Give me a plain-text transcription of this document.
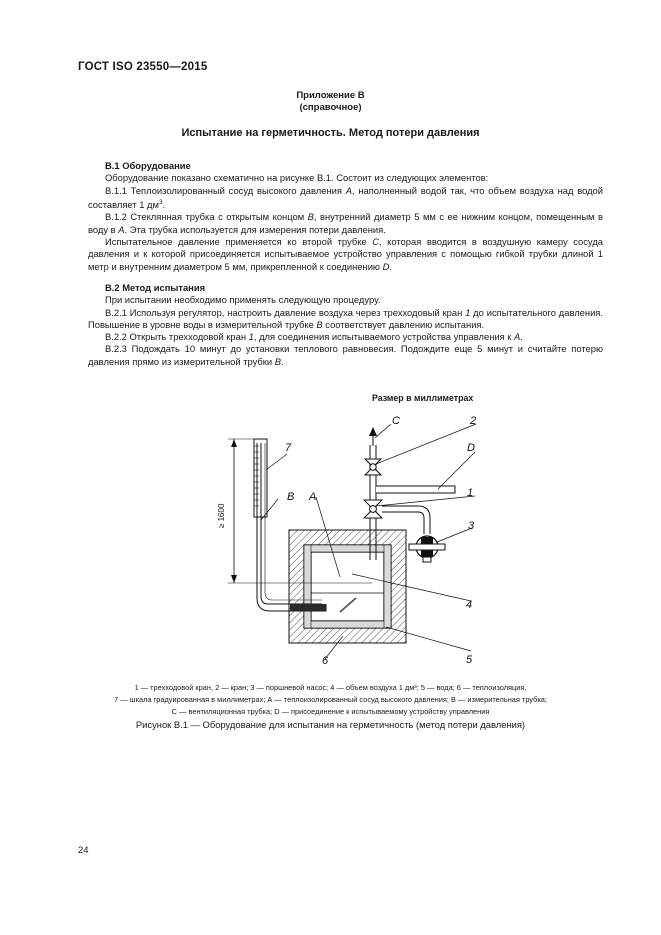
ГОСТ ISO 23550—2015
Приложение В
(справочное)
Испытание на герметичность. Метод потери давления
В.1 Оборудование

Оборудование показано схематично на рисунке В.1. Состоит из следующих элементов:

В.1.1 Теплоизолированный сосуд высокого давления А, наполненный водой так, что объем воздуха над водой составляет 1 $дм^3$.

В.1.2 Стеклянная трубка с открытым концом В, внутренний диаметр 5 мм с ее нижним концом, помещенным в воду в А. Эта трубка используется для измерения потери давления.

Испытательное давление применяется ко второй трубке С, которая вводится в воздушную камеру сосуда давления и к которой присоединяется испытываемое устройство управления с помощью гибкой трубки длиной 1 метр и внутренним диаметром 5 мм, прикрепленной к соединению D.

В.2 Метод испытания

При испытании необходимо применять следующую процедуру.

В.2.1 Используя регулятор, настроить давление воздуха через трехходовый кран 1 до испытательного давления. Повышение в уровне воды в измерительной трубке В соответствует давлению испытания.

В.2.2 Открыть трехходовой кран 1, для соединения испытываемого устройства управления к А.

В.2.3 Подождать 10 минут до установки теплового равновесия. Подождите еще 5 минут и считайте потерю давления прямо из измерительной трубки В.

Размер в миллиметрах
C	2
D
1
3
7
B A
4
5
6
≥ 1600
1 — трехходовой кран, 2 — кран; 3 — поршневой насос; 4 — объем воздуха 1 дм³; 5 — вода; 6 — теплоизоляция,
7 — шкала градуированная в миллиметрах; А — теплоизолированный сосуд высокого давления; В — измерительная трубка;
С — вентиляционная трубка; D — присоединение к испытываемому устройству управления
Рисунок В.1 — Оборудование для испытания на герметичность (метод потери давления)
24
